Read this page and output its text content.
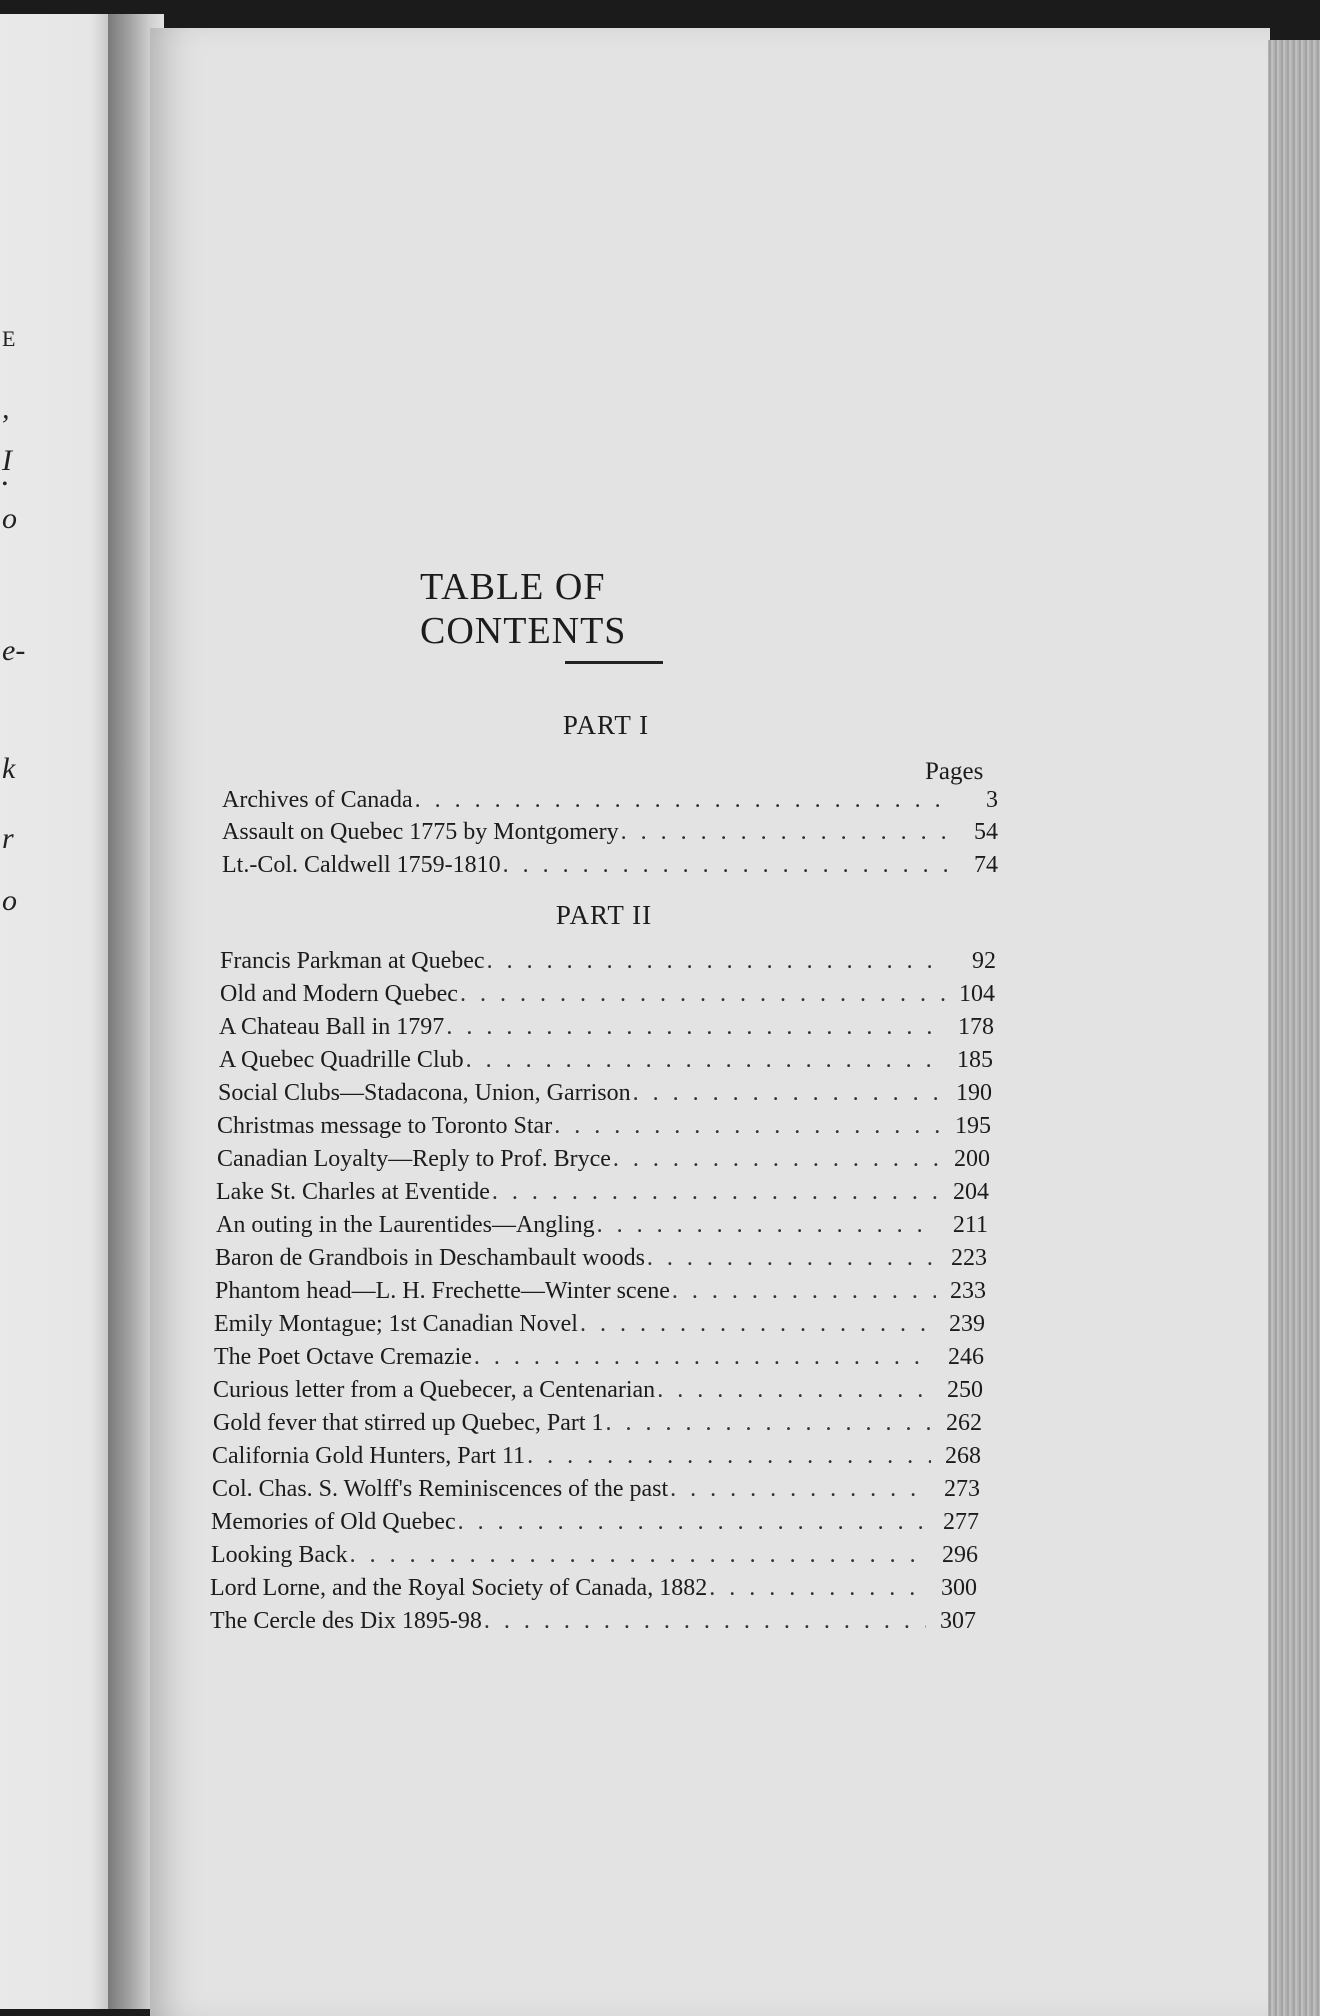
E
,
I
•
o
e-
k
r
o
TABLE OF CONTENTS
PART I
Pages
Archives of Canada . . .	3
Assault on Quebec 1775 by Montgomery . . .	54
Lt.-Col. Caldwell 1759-1810 . . .	74
PART II
Francis Parkman at Quebec . . .	92
Old and Modern Quebec . . .	104
A Chateau Ball in 1797 . . .	178
A Quebec Quadrille Club . . .	185
Social Clubs—Stadacona, Union, Garrison . . .	190
Christmas message to Toronto Star . . .	195
Canadian Loyalty—Reply to Prof. Bryce . . .	200
Lake St. Charles at Eventide . . .	204
An outing in the Laurentides—Angling . . .	211
Baron de Grandbois in Deschambault woods . . .	223
Phantom head—L. H. Frechette—Winter scene . . .	233
Emily Montague; 1st Canadian Novel . . .	239
The Poet Octave Cremazie . . .	246
Curious letter from a Quebecer, a Centenarian . . .	250
Gold fever that stirred up Quebec, Part 1 . . .	262
California Gold Hunters, Part 11 . . .	268
Col. Chas. S. Wolff's Reminiscences of the past . . .	273
Memories of Old Quebec . . .	277
Looking Back . . .	296
Lord Lorne, and the Royal Society of Canada, 1882 . . .	300
The Cercle des Dix 1895-98 . . .	307
